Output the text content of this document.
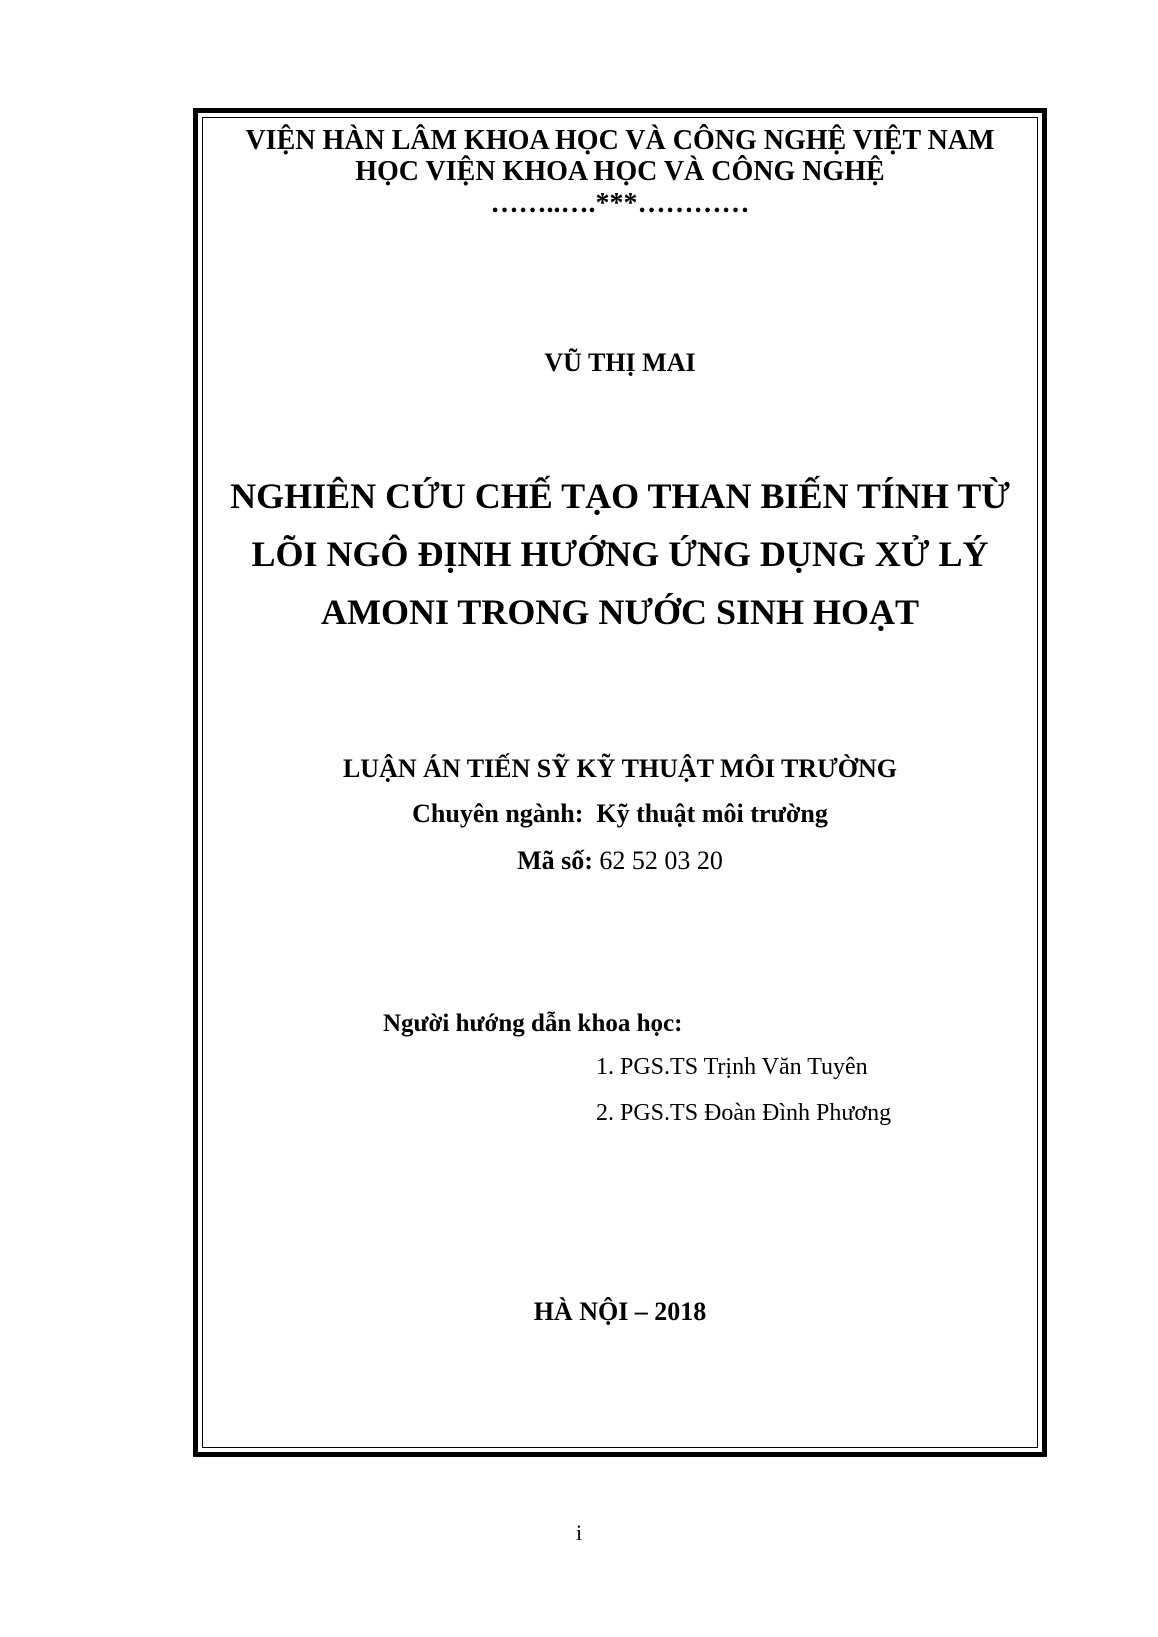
VIỆN HÀN LÂM KHOA HỌC VÀ CÔNG NGHỆ VIỆT NAM
HỌC VIỆN KHOA HỌC VÀ CÔNG NGHỆ
……..….***…………
VŨ THỊ MAI
NGHIÊN CỨU CHẾ TẠO THAN BIẾN TÍNH TỪ
LÕI NGÔ ĐỊNH HƯỚNG ỨNG DỤNG XỬ LÝ
AMONI TRONG NƯỚC SINH HOẠT
LUẬN ÁN TIẾN SỸ KỸ THUẬT MÔI TRƯỜNG
Chuyên ngành: Kỹ thuật môi trường
Mã số: 62 52 03 20
Người hướng dẫn khoa học:
1. PGS.TS Trịnh Văn Tuyên
2. PGS.TS Đoàn Đình Phương
HÀ NỘI – 2018
i
